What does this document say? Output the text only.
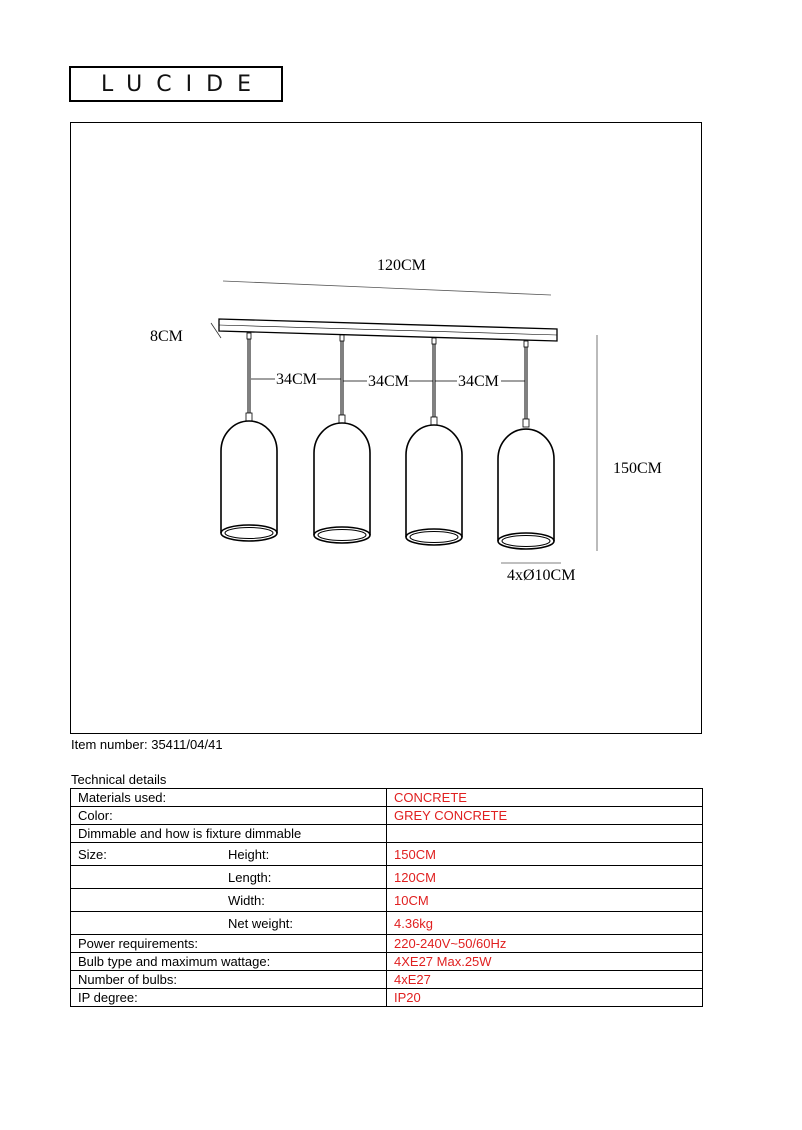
LUCIDE
120CM
8CM
150CM
34CM	34CM	34CM
4xØ10CM
Item number: 35411/04/41
Technical details
Materials used:	CONCRETE
Color:	GREY CONCRETE
Dimmable and how is fixture dimmable	
Size: Height:	150CM
Length:	120CM
Width:	10CM
Net weight:	4.36kg
Power requirements:	220-240V~50/60Hz
Bulb type and maximum wattage:	4XE27 Max.25W
Number of bulbs:	4xE27
IP degree:	IP20
